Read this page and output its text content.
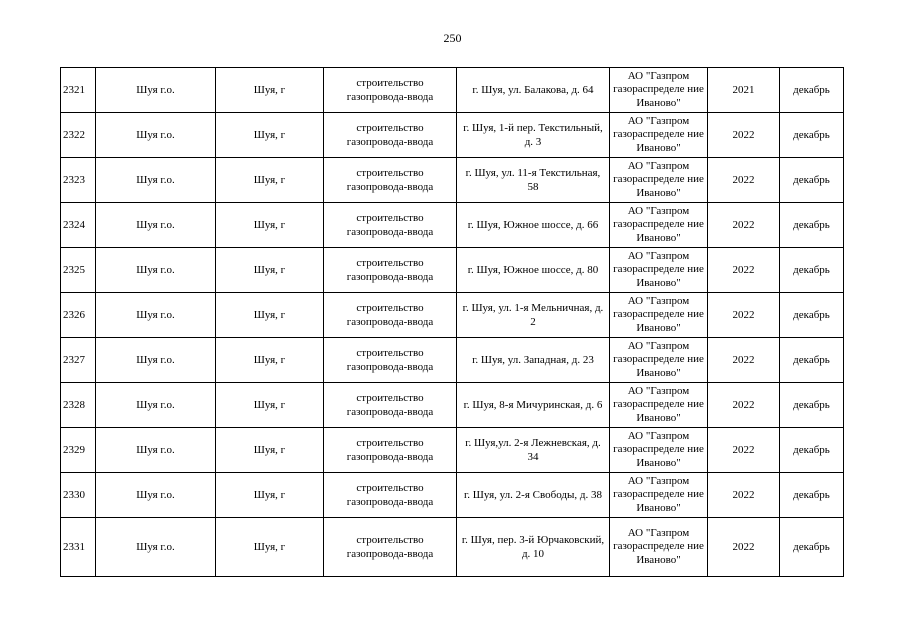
250
2321	Шуя г.о.	Шуя, г	строительство газопровода-ввода	г. Шуя, ул. Балакова, д. 64	АО "Газпром газораспределе ние Иваново"	2021	декабрь
2322	Шуя г.о.	Шуя, г	строительство газопровода-ввода	г. Шуя, 1-й пер. Текстильный, д. 3	АО "Газпром газораспределе ние Иваново"	2022	декабрь
2323	Шуя г.о.	Шуя, г	строительство газопровода-ввода	г. Шуя, ул. 11-я Текстильная, 58	АО "Газпром газораспределе ние Иваново"	2022	декабрь
2324	Шуя г.о.	Шуя, г	строительство газопровода-ввода	г. Шуя, Южное шоссе, д. 66	АО "Газпром газораспределе ние Иваново"	2022	декабрь
2325	Шуя г.о.	Шуя, г	строительство газопровода-ввода	г. Шуя, Южное шоссе, д. 80	АО "Газпром газораспределе ние Иваново"	2022	декабрь
2326	Шуя г.о.	Шуя, г	строительство газопровода-ввода	г. Шуя, ул. 1-я Мельничная, д. 2	АО "Газпром газораспределе ние Иваново"	2022	декабрь
2327	Шуя г.о.	Шуя, г	строительство газопровода-ввода	г. Шуя, ул. Западная, д. 23	АО "Газпром газораспределе ние Иваново"	2022	декабрь
2328	Шуя г.о.	Шуя, г	строительство газопровода-ввода	г. Шуя, 8-я Мичуринская, д. 6	АО "Газпром газораспределе ние Иваново"	2022	декабрь
2329	Шуя г.о.	Шуя, г	строительство газопровода-ввода	г. Шуя,ул. 2-я Лежневская, д. 34	АО "Газпром газораспределе ние Иваново"	2022	декабрь
2330	Шуя г.о.	Шуя, г	строительство газопровода-ввода	г. Шуя, ул. 2-я Свободы, д. 38	АО "Газпром газораспределе ние Иваново"	2022	декабрь
2331	Шуя г.о.	Шуя, г	строительство газопровода-ввода	г. Шуя, пер. 3-й Юрчаковский, д. 10	АО "Газпром газораспределе ние Иваново"	2022	декабрь
